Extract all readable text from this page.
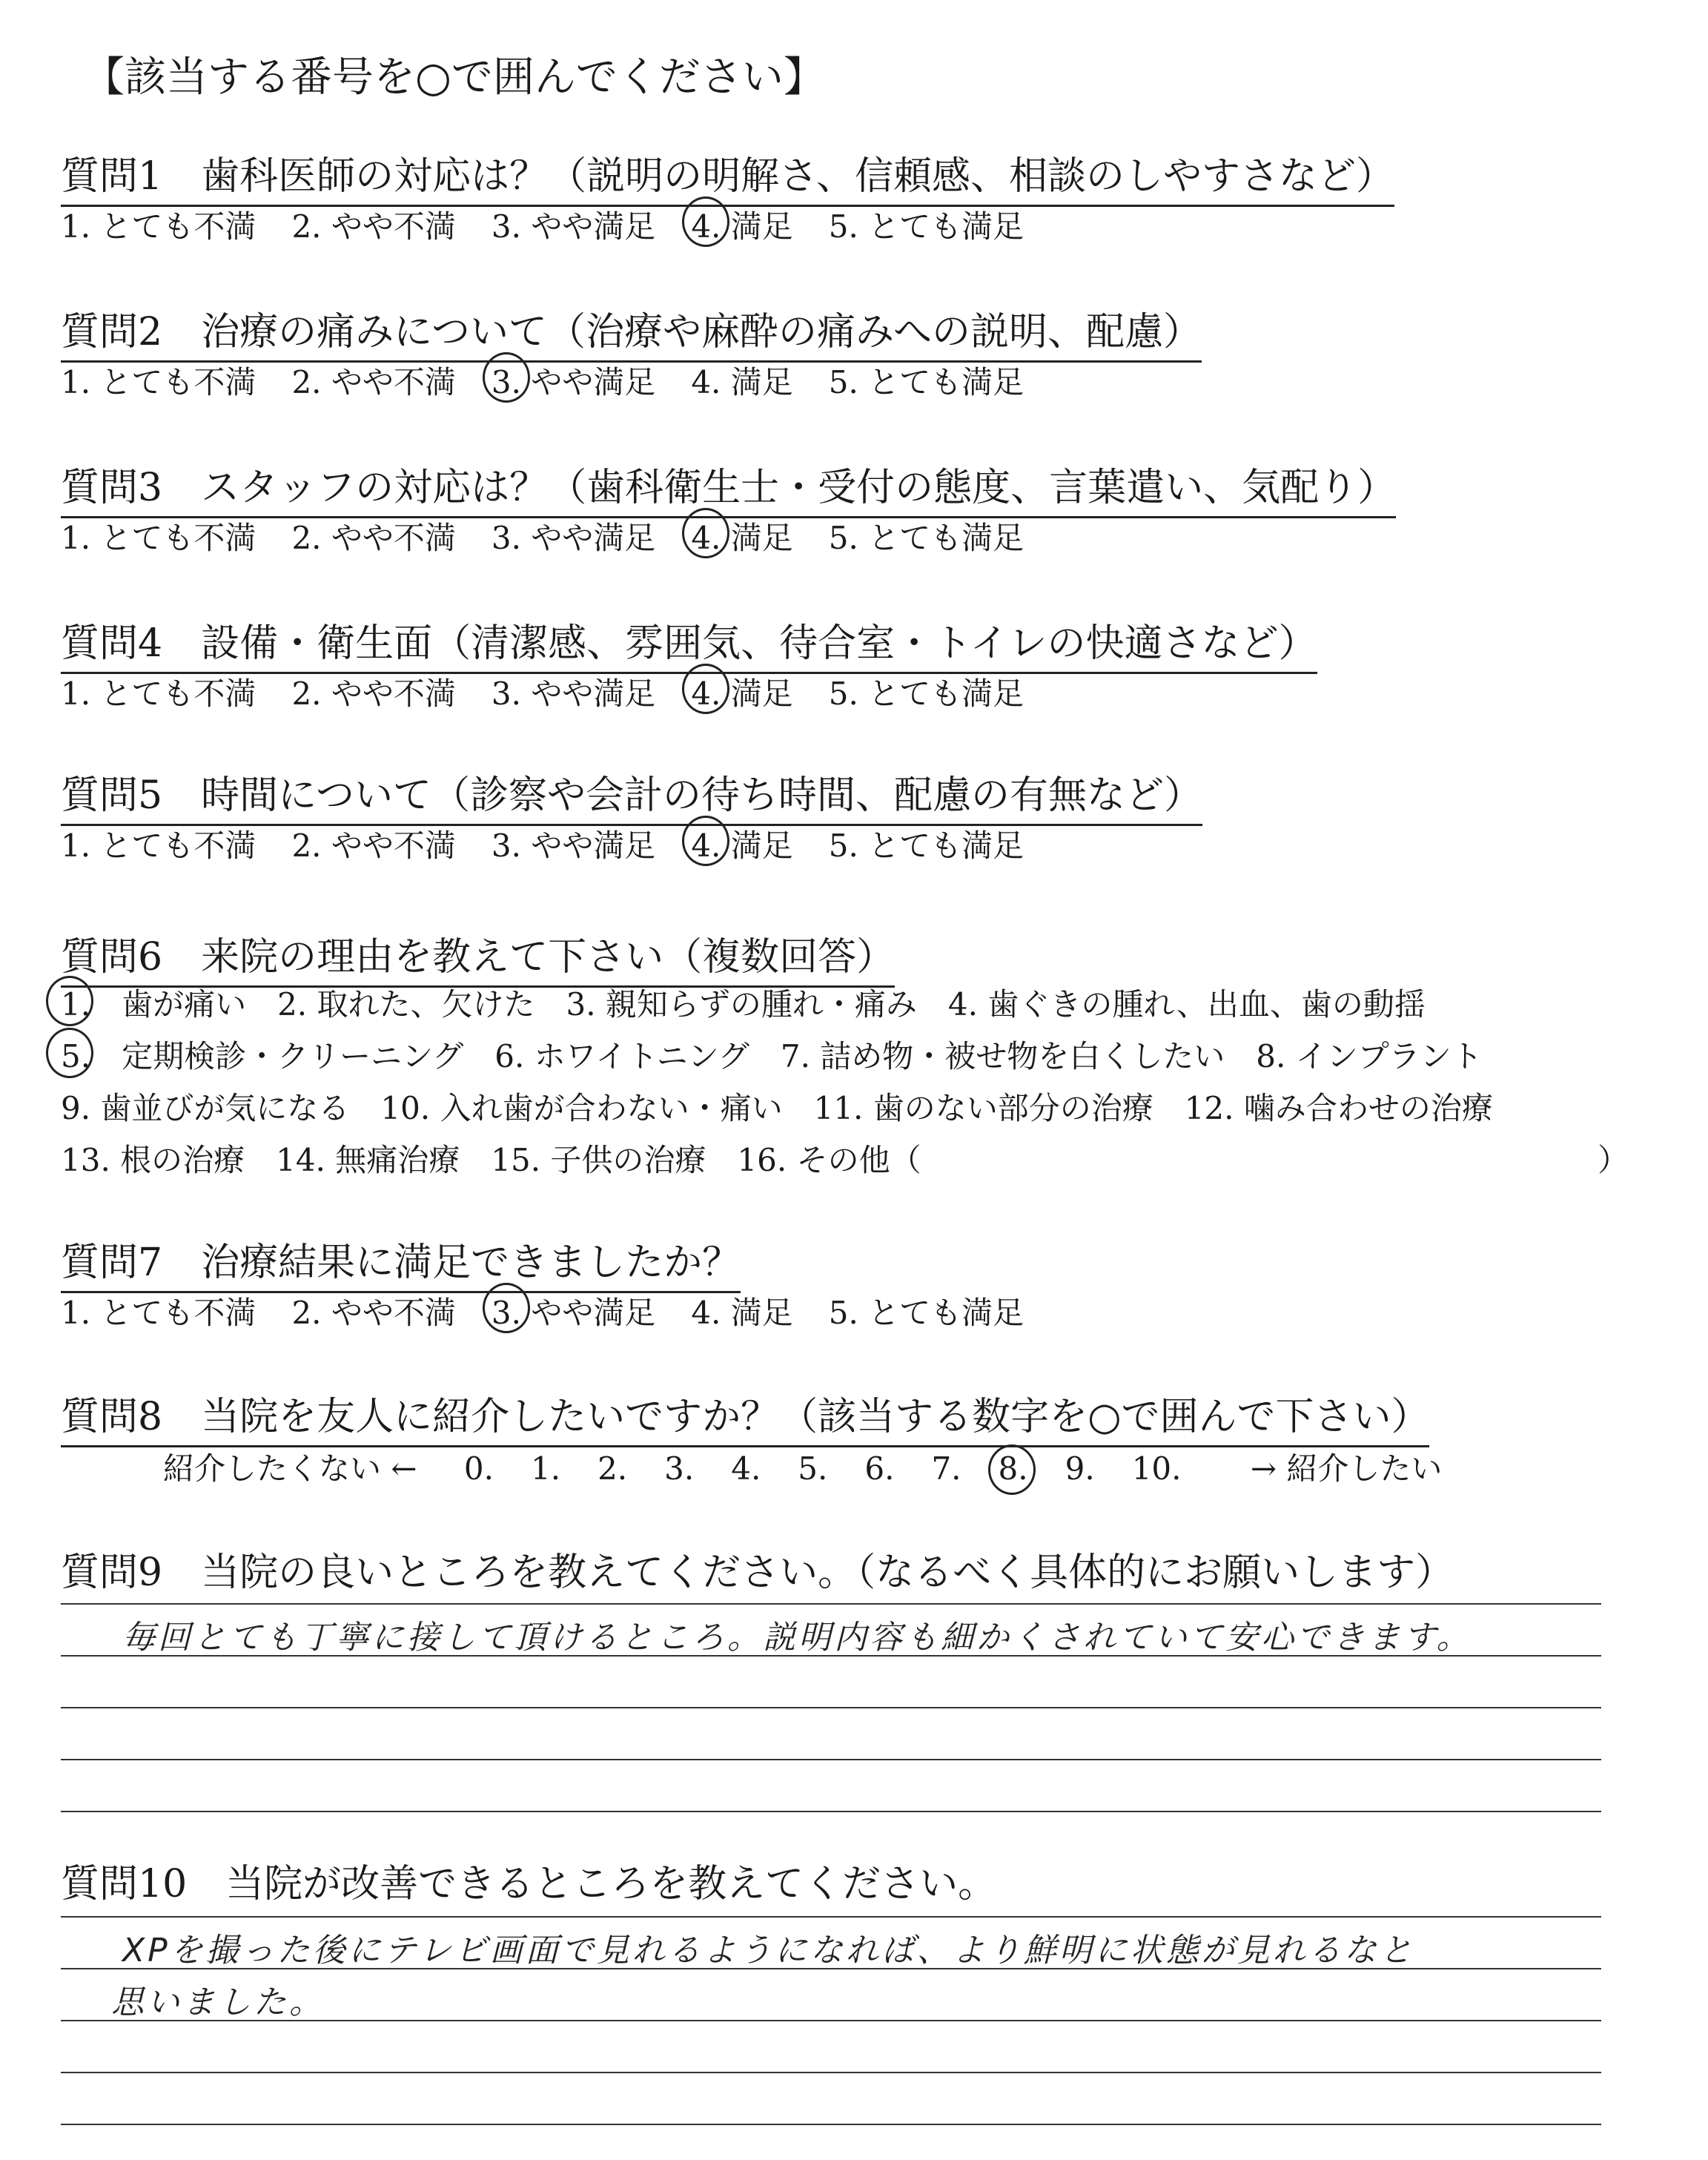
【該当する番号を○で囲んでください】
質問1　歯科医師の対応は？（説明の明解さ、信頼感、相談のしやすさなど）
1. とても不満 2. やや不満 3. やや満足 4. 満足 5. とても満足
質問2　治療の痛みについて（治療や麻酔の痛みへの説明、配慮）
1. とても不満 2. やや不満 3. やや満足 4. 満足 5. とても満足
質問3　スタッフの対応は？（歯科衛生士・受付の態度、言葉遣い、気配り）
1. とても不満 2. やや不満 3. やや満足 4. 満足 5. とても満足
質問4　設備・衛生面（清潔感、雰囲気、待合室・トイレの快適さなど）
1. とても不満 2. やや不満 3. やや満足 4. 満足 5. とても満足
質問5　時間について（診察や会計の待ち時間、配慮の有無など）
1. とても不満 2. やや不満 3. やや満足 4. 満足 5. とても満足
質問6　来院の理由を教えて下さい（複数回答）
1.　歯が痛い　2. 取れた、欠けた　3. 親知らずの腫れ・痛み　4. 歯ぐきの腫れ、出血、歯の動揺
5.　定期検診・クリーニング　6. ホワイトニング　7. 詰め物・被せ物を白くしたい　8. インプラント
9. 歯並びが気になる　10. 入れ歯が合わない・痛い　11. 歯のない部分の治療　12. 噛み合わせの治療
13. 根の治療　14. 無痛治療　15. 子供の治療　16. その他（	）
質問7　治療結果に満足できましたか？
1. とても不満 2. やや不満 3. やや満足 4. 満足 5. とても満足
質問8　当院を友人に紹介したいですか？（該当する数字を○で囲んで下さい）
紹介したくない ← 0. 1. 2. 3. 4. 5. 6. 7. 8. 9. 10. → 紹介したい
質問9　当院の良いところを教えてください。（なるべく具体的にお願いします）
毎回とても丁寧に接して頂けるところ。説明内容も細かくされていて安心できます。
質問10　当院が改善できるところを教えてください。
XPを撮った後にテレビ画面で見れるようになれば、より鮮明に状態が見れるなと
思いました。
